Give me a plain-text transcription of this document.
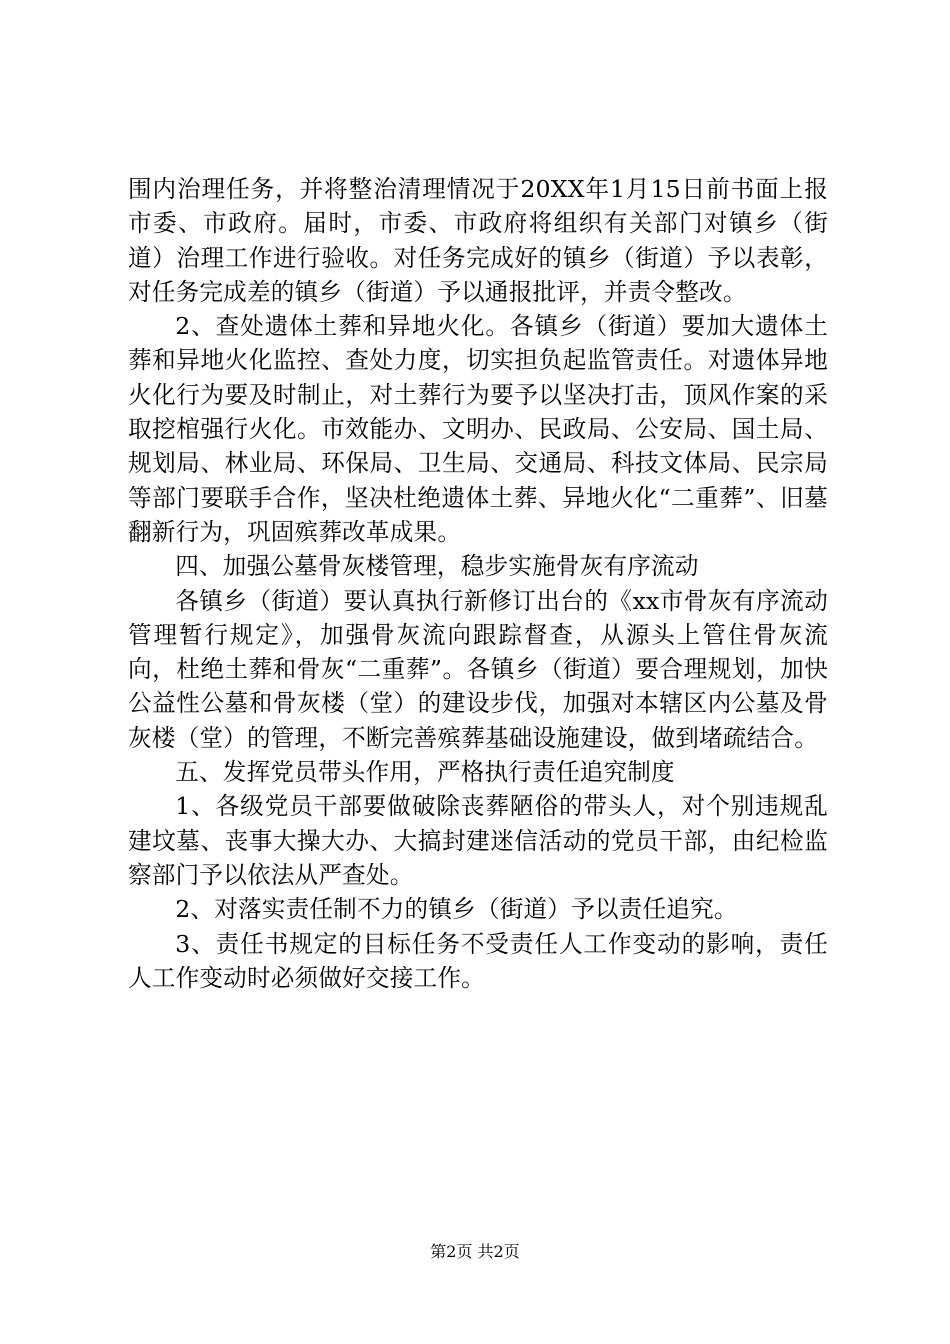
围内治理任务，并将整治清理情况于20XX年1月15日前书面上报市委、市政府。届时，市委、市政府将组织有关部门对镇乡（街道）治理工作进行验收。对任务完成好的镇乡（街道）予以表彰，对任务完成差的镇乡（街道）予以通报批评，并责令整改。

2、查处遗体土葬和异地火化。各镇乡（街道）要加大遗体土葬和异地火化监控、查处力度，切实担负起监管责任。对遗体异地火化行为要及时制止，对土葬行为要予以坚决打击，顶风作案的采取挖棺强行火化。市效能办、文明办、民政局、公安局、国土局、规划局、林业局、环保局、卫生局、交通局、科技文体局、民宗局等部门要联手合作，坚决杜绝遗体土葬、异地火化“二重葬”、旧墓翻新行为，巩固殡葬改革成果。

四、加强公墓骨灰楼管理，稳步实施骨灰有序流动

各镇乡（街道）要认真执行新修订出台的《xx市骨灰有序流动管理暂行规定》，加强骨灰流向跟踪督查，从源头上管住骨灰流向，杜绝土葬和骨灰“二重葬”。各镇乡（街道）要合理规划，加快公益性公墓和骨灰楼（堂）的建设步伐，加强对本辖区内公墓及骨灰楼（堂）的管理，不断完善殡葬基础设施建设，做到堵疏结合。

五、发挥党员带头作用，严格执行责任追究制度

1、各级党员干部要做破除丧葬陋俗的带头人，对个别违规乱建坟墓、丧事大操大办、大搞封建迷信活动的党员干部，由纪检监察部门予以依法从严查处。

2、对落实责任制不力的镇乡（街道）予以责任追究。

3、责任书规定的目标任务不受责任人工作变动的影响，责任人工作变动时必须做好交接工作。

第2页 共2页
